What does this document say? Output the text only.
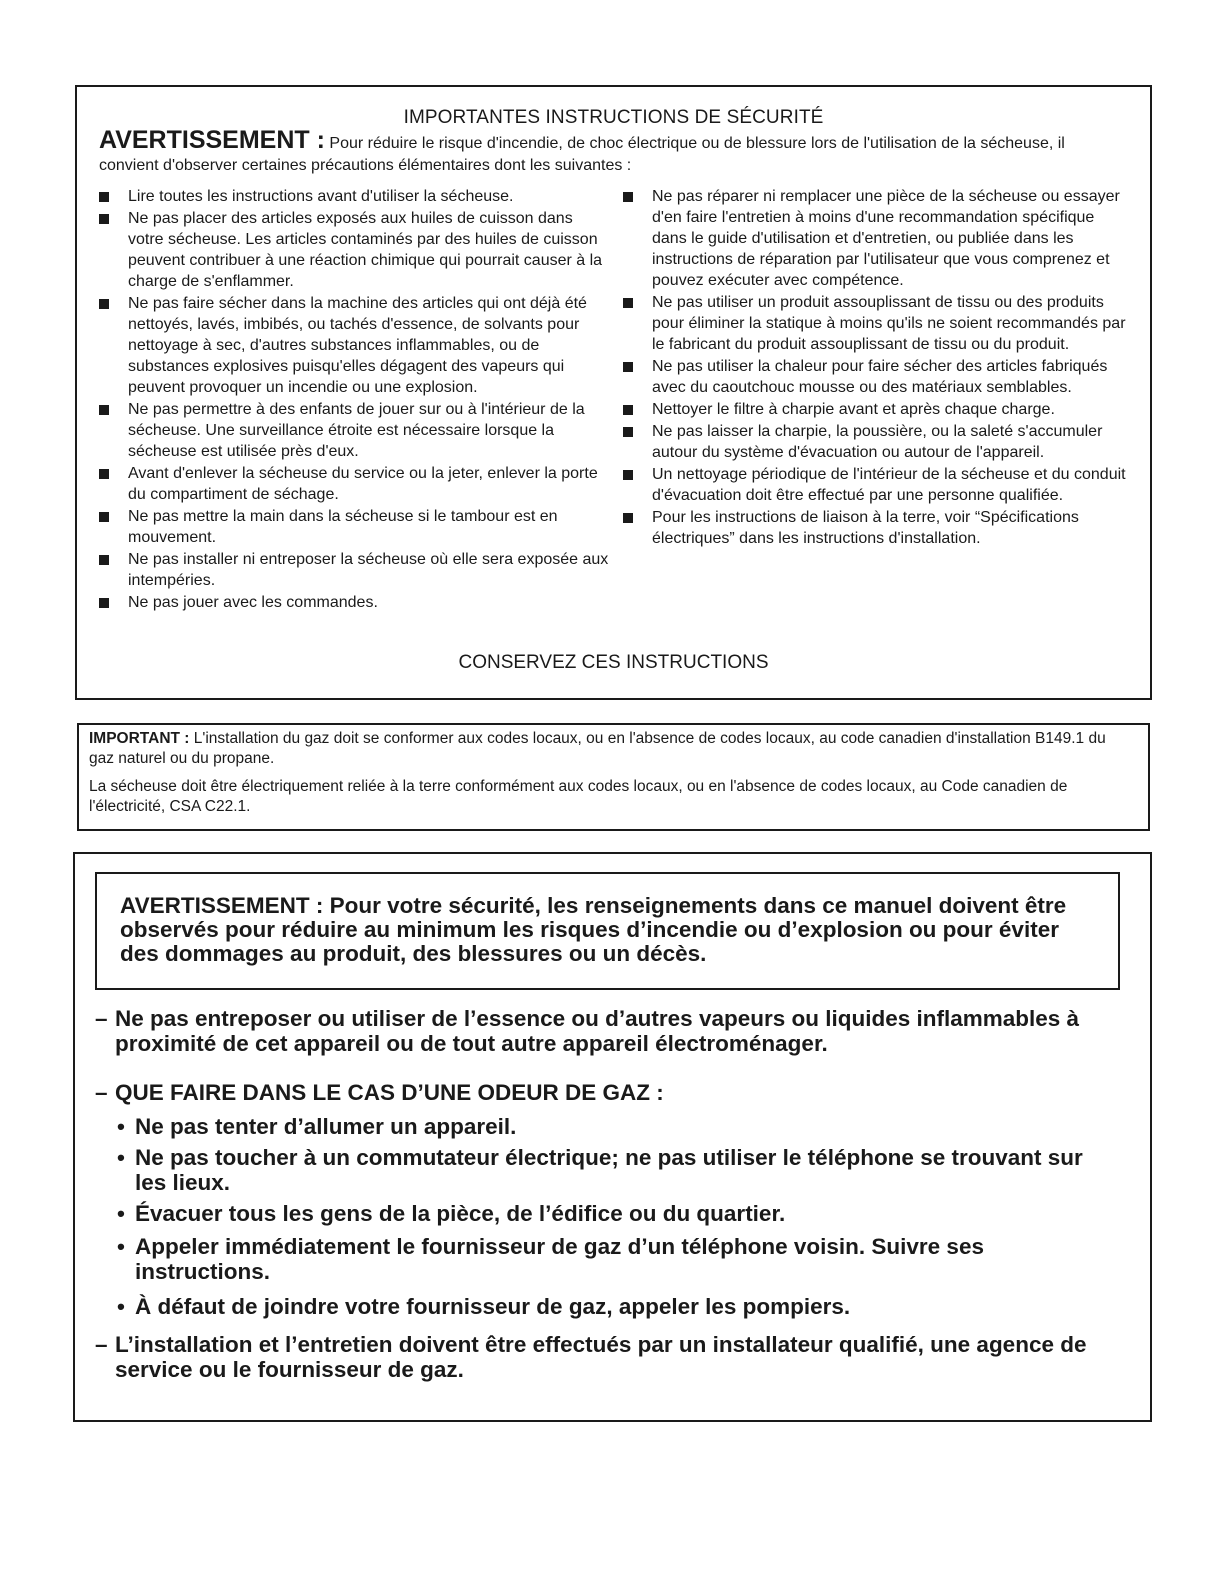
IMPORTANTES INSTRUCTIONS DE SÉCURITÉ
AVERTISSEMENT : Pour réduire le risque d'incendie, de choc électrique ou de blessure lors de l'utilisation de la sécheuse, il convient d'observer certaines précautions élémentaires dont les suivantes :
Lire toutes les instructions avant d'utiliser la sécheuse.
Ne pas placer des articles exposés aux huiles de cuisson dans votre sécheuse. Les articles contaminés par des huiles de cuisson peuvent contribuer à une réaction chimique qui pourrait causer à la charge de s'enflammer.
Ne pas faire sécher dans la machine des articles qui ont déjà été nettoyés, lavés, imbibés, ou tachés d'essence, de solvants pour nettoyage à sec, d'autres substances inflammables, ou de substances explosives puisqu'elles dégagent des vapeurs qui peuvent provoquer un incendie ou une explosion.
Ne pas permettre à des enfants de jouer sur ou à l'intérieur de la sécheuse. Une surveillance étroite est nécessaire lorsque la sécheuse est utilisée près d'eux.
Avant d'enlever la sécheuse du service ou la jeter, enlever la porte du compartiment de séchage.
Ne pas mettre la main dans la sécheuse si le tambour est en mouvement.
Ne pas installer ni entreposer la sécheuse où elle sera exposée aux intempéries.
Ne pas jouer avec les commandes.
Ne pas réparer ni remplacer une pièce de la sécheuse ou essayer d'en faire l'entretien à moins d'une recommandation spécifique dans le guide d'utilisation et d'entretien, ou publiée dans les instructions de réparation par l'utilisateur que vous comprenez et pouvez exécuter avec compétence.
Ne pas utiliser un produit assouplissant de tissu ou des produits pour éliminer la statique à moins qu'ils ne soient recommandés par le fabricant du produit assouplissant de tissu ou du produit.
Ne pas utiliser la chaleur pour faire sécher des articles fabriqués avec du caoutchouc mousse ou des matériaux semblables.
Nettoyer le filtre à charpie avant et après chaque charge.
Ne pas laisser la charpie, la poussière, ou la saleté s'accumuler autour du système d'évacuation ou autour de l'appareil.
Un nettoyage périodique de l'intérieur de la sécheuse et du conduit d'évacuation doit être effectué par une personne qualifiée.
Pour les instructions de liaison à la terre, voir “Spécifications électriques” dans les instructions d'installation.
CONSERVEZ CES INSTRUCTIONS
IMPORTANT : L'installation du gaz doit se conformer aux codes locaux, ou en l'absence de codes locaux, au code canadien d'installation B149.1 du gaz naturel ou du propane.
La sécheuse doit être électriquement reliée à la terre conformément aux codes locaux, ou en l'absence de codes locaux, au Code canadien de l'électricité, CSA C22.1.
AVERTISSEMENT : Pour votre sécurité, les renseignements dans ce manuel doivent être observés pour réduire au minimum les risques d’incendie ou d’explosion ou pour éviter des dommages au produit, des blessures ou un décès.
– Ne pas entreposer ou utiliser de l’essence ou d’autres vapeurs ou liquides inflammables à proximité de cet appareil ou de tout autre appareil électroménager.
– QUE FAIRE DANS LE CAS D’UNE ODEUR DE GAZ :
• Ne pas tenter d’allumer un appareil.
• Ne pas toucher à un commutateur électrique; ne pas utiliser le téléphone se trouvant sur les lieux.
• Évacuer tous les gens de la pièce, de l’édifice ou du quartier.
• Appeler immédiatement le fournisseur de gaz d’un téléphone voisin. Suivre ses instructions.
• À défaut de joindre votre fournisseur de gaz, appeler les pompiers.
– L’installation et l’entretien doivent être effectués par un installateur qualifié, une agence de service ou le fournisseur de gaz.
